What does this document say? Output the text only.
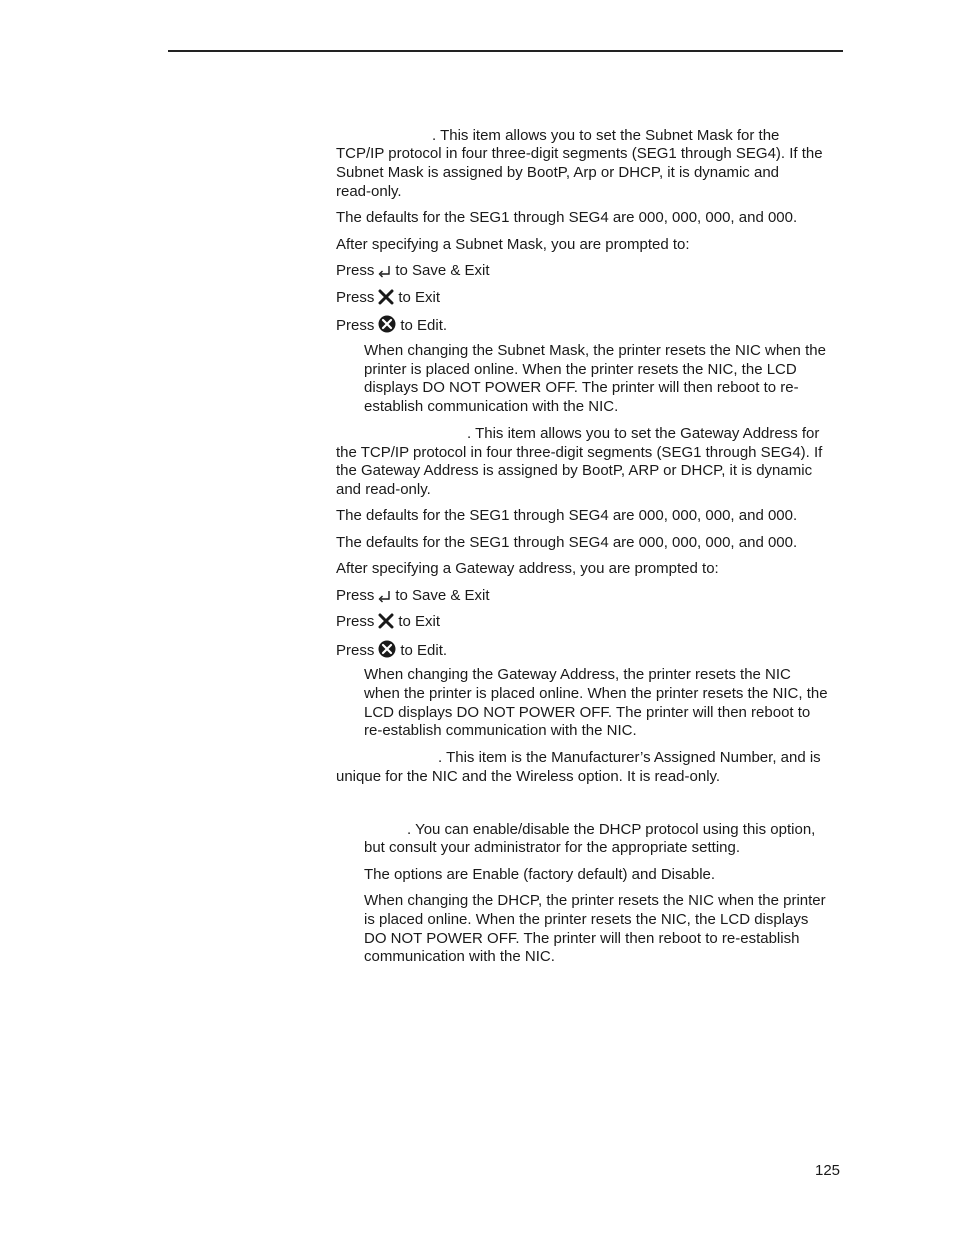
. This item allows you to set the Subnet Mask for the
TCP/IP protocol in four three-digit segments (SEG1 through SEG4). If the
Subnet Mask is assigned by BootP, Arp or DHCP, it is dynamic and
read-only.
The defaults for the SEG1 through SEG4 are 000, 000, 000, and 000.
After specifying a Subnet Mask, you are prompted to:
Press to Save & Exit
Press to Exit
Press to Edit.
When changing the Subnet Mask, the printer resets the NIC when the
printer is placed online. When the printer resets the NIC, the LCD
displays DO NOT POWER OFF. The printer will then reboot to re-
establish communication with the NIC.
. This item allows you to set the Gateway Address for
the TCP/IP protocol in four three-digit segments (SEG1 through SEG4). If
the Gateway Address is assigned by BootP, ARP or DHCP, it is dynamic
and read-only.
The defaults for the SEG1 through SEG4 are 000, 000, 000, and 000.
The defaults for the SEG1 through SEG4 are 000, 000, 000, and 000.
After specifying a Gateway address, you are prompted to:
Press to Save & Exit
Press to Exit
Press to Edit.
When changing the Gateway Address, the printer resets the NIC
when the printer is placed online. When the printer resets the NIC, the
LCD displays DO NOT POWER OFF. The printer will then reboot to
re-establish communication with the NIC.
. This item is the Manufacturer’s Assigned Number, and is
unique for the NIC and the Wireless option. It is read-only.
. You can enable/disable the DHCP protocol using this option,
but consult your administrator for the appropriate setting.
The options are Enable (factory default) and Disable.
When changing the DHCP, the printer resets the NIC when the printer
is placed online. When the printer resets the NIC, the LCD displays
DO NOT POWER OFF. The printer will then reboot to re-establish
communication with the NIC.
125
